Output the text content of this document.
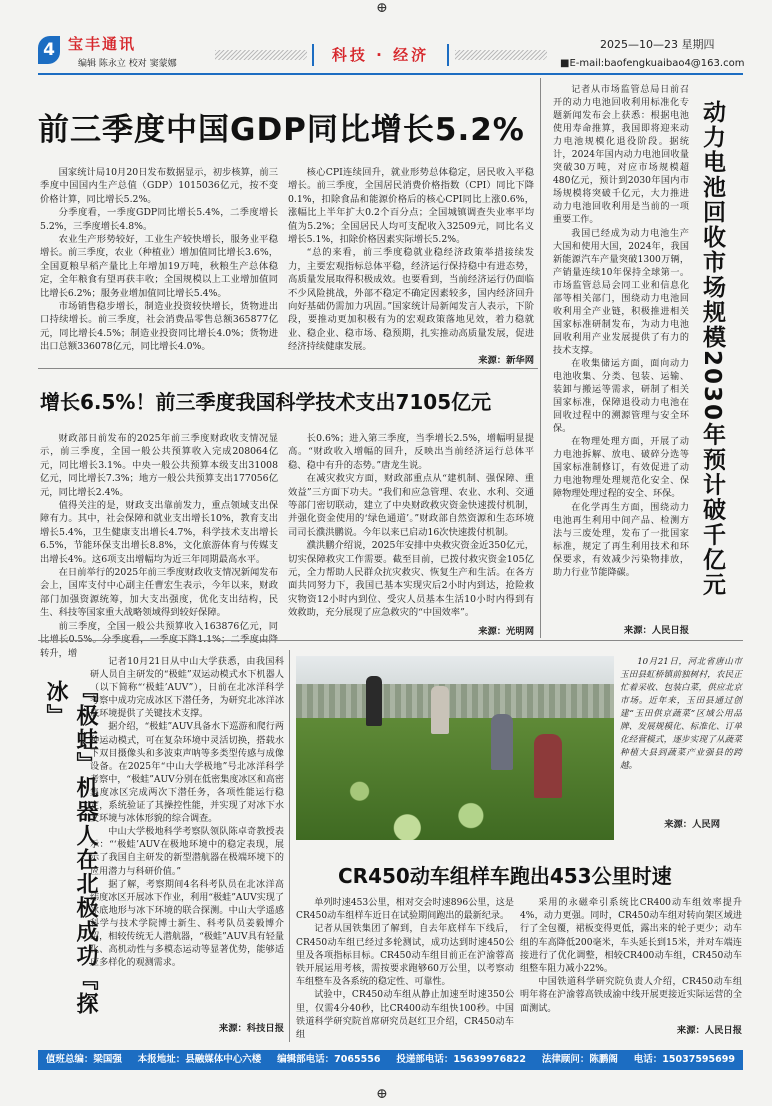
⊕
⊕
4 宝丰通讯
编辑 陈永立 校对 窦蒙娜	科技 · 经济
2025—10—23 星期四
■E-mail:baofengkuaibao4@163.com
前三季度中国GDP同比增长5.2%

国家统计局10月20日发布数据显示，初步核算，前三季度中国国内生产总值（GDP）1015036亿元，按不变价格计算，同比增长5.2%。

分季度看，一季度GDP同比增长5.4%，二季度增长5.2%，三季度增长4.8%。

农业生产形势较好，工业生产较快增长，服务业平稳增长。前三季度，农业（种植业）增加值同比增长3.6%，全国夏粮早稻产量比上年增加19万吨，秋粮生产总体稳定，全年粮食有望再获丰收；全国规模以上工业增加值同比增长6.2%；服务业增加值同比增长5.4%。

市场销售稳步增长，制造业投资较快增长，货物进出口持续增长。前三季度，社会消费品零售总额365877亿元，同比增长4.5%；制造业投资同比增长4.0%；货物进出口总额336078亿元，同比增长4.0%。

核心CPI连续回升，就业形势总体稳定，居民收入平稳增长。前三季度，全国居民消费价格指数（CPI）同比下降0.1%，扣除食品和能源价格后的核心CPI同比上涨0.6%，涨幅比上半年扩大0.2个百分点；全国城镇调查失业率平均值为5.2%；全国居民人均可支配收入32509元，同比名义增长5.1%，扣除价格因素实际增长5.2%。

“总的来看，前三季度稳就业稳经济政策举措接续发力，主要宏观指标总体平稳，经济运行保持稳中有进态势，高质量发展取得积极成效。也要看到，当前经济运行仍面临不少风险挑战，外部不稳定不确定因素较多，国内经济回升向好基础仍需加力巩固。”国家统计局新闻发言人表示，下阶段，要推动更加积极有为的宏观政策落地见效，着力稳就业、稳企业、稳市场、稳预期，扎实推动高质量发展，促进经济持续健康发展。

来源：新华网
增长6.5%！前三季度我国科学技术支出7105亿元

财政部日前发布的2025年前三季度财政收支情况显示，前三季度，全国一般公共预算收入完成208064亿元，同比增长3.1%。中央一般公共预算本级支出31008亿元，同比增长7.3%；地方一般公共预算支出177056亿元，同比增长2.4%。

值得关注的是，财政支出靠前发力，重点领域支出保障有力。其中，社会保障和就业支出增长10%，教育支出增长5.4%，卫生健康支出增长4.7%，科学技术支出增长6.5%，节能环保支出增长8.8%，文化旅游体育与传媒支出增长4%。这6项支出增幅均为近三年同期最高水平。

在日前举行的2025年前三季度财政收支情况新闻发布会上，国库支付中心副主任曹宏生表示，今年以来，财政部门加强资源统筹，加大支出强度，优化支出结构，民生、科技等国家重大战略领域得到较好保障。

前三季度，全国一般公共预算收入163876亿元，同 转升，增

长0.6%；进入第三季度，当季增长2.5%，增幅明显提高。“财政收入增幅的回升，反映出当前经济运行总体平稳、稳中有升的态势。”唐龙生说。

在减灾救灾方面，财政部重点从“建机制、强保障、重效益”三方面下功夫。“我们和应急管理、农业、水利、交通等部门密切联动，建立了中央财政救灾资金快速拨付机制，并强化资金使用的‘绿色通道’。”财政部自然资源和生态环境司司长濮洪鹏说。今年以来已启动16次快速拨付机制。

濮洪鹏介绍说，2025年安排中央救灾资金近350亿元，切实保障救灾工作需要。截至目前，已拨付救灾资金105亿元，全力帮助人民群众抗灾救灾、恢复生产和生活。在各方面共同努力下，我国已基本实现灾后2小时内到达，抢险救灾物资12小时内到位、受灾人员基本生活10小时内得到有效救助，充分展现了应急救灾的“中国效率”。

来源：光明网

记者从市场监管总局日前召开的动力电池回收利用标准化专题新闻发布会上获悉：根据电池使用寿命推算，我国即将迎来动力电池规模化退役阶段。据统计，2024年国内动力电池回收量突破30万吨，对应市场规模超480亿元，预计到2030年国内市场规模将突破千亿元，大力推进动力电池回收利用是当前的一项重要工作。

我国已经成为动力电池生产大国和使用大国，2024年，我国新能源汽车产量突破1300万辆，产销量连续10年保持全球第一。市场监管总局会同工业和信息化部等相关部门，围绕动力电池回收利用全产业链，积极推进相关国家标准研制发布，为动力电池回收利用产业发展提供了有力的技术支撑。

在收集储运方面，面向动力电池收集、分类、包装、运输、装卸与搬运等需求，研制了相关国家标准，保障退役动力电池在回收过程中的溯源管理与安全环保。

在物理处理方面，开展了动力电池拆解、放电、破碎分选等国家标准制修订，有效促进了动力电池物理处理规范化安全、保障物理处理过程的安全、环保。

在化学再生方面，围绕动力电池再生利用中间产品、检测方法与三废处理，发布了一批国家标准，规定了再生利用技术和环保要求，有效减少污染物排放，助力行业节能降碳。

来源：人民日报
动力电池回收市场规模2030年预计破千亿元
『极蛙』机器人在北极成功『探冰』

记者10月21日从中山大学获悉，由我国科研人员自主研发的“极蛙”双运动模式水下机器人（以下简称“‘极蛙’AUV”），日前在北冰洋科学考察中成功完成冰区下潜任务，为研究北冰洋冰底环境提供了关键技术支撑。

据介绍，“极蛙”AUV具备水下巡游和爬行两种运动模式，可在复杂环境中灵活切换，搭载水下双目摄像头和多波束声呐等多类型传感与成像设备。在2025年“中山大学极地”号北冰洋科学考察中，“极蛙”AUV分别在低密集度冰区和高密集度冰区完成两次下潜任务，各项性能运行稳定，系统验证了其操控性能，并实现了对冰下水文环境与冰体形貌的综合调查。

中山大学极地科学考察队领队陈卓奇教授表示：“‘极蛙’AUV在极地环境中的稳定表现，展示了我国自主研发的新型潜航器在极端环境下的应用潜力与科研价值。”

据了解，考察期间4名科考队员在北冰洋高纬度冰区开展冰下作业，利用“极蛙”AUV实现了冰底地形与冰下环境的联合探测。中山大学遥感科学与技术学院博士新生、科考队员姜毅博介绍，相较传统无人潜航器，“极蛙”AUV具有轻量化、高机动性与多模态运动等显著优势，能够适应多样化的观测需求。

来源：科技日报
10月21日，河北省唐山市玉田县虹桥镇前独树村，农民正忙着采收、包装白菜，供应北京市场。近年来，玉田县通过创建“玉田供京蔬菜”区域公用品牌、发展规模化、标准化、订单化经营模式，逐步实现了从蔬菜种植大县到蔬菜产业强县的跨越。
来源：人民网
CR450动车组样车跑出453公里时速

单列时速453公里，相对交会时速896公里，这是CR450动车组样车近日在试验期间跑出的最新纪录。

记者从国铁集团了解到，自去年底样车下线后，CR450动车组已经过多轮测试，成功达到时速450公里及各项指标目标。CR450动车组目前正在沪渝蓉高铁开展运用考核，需按要求跑够60万公里，以考察动车组整车及各系统的稳定性、可靠性。

试验中，CR450动车组从静止加速至时速350公里，仅需4分40秒，比CR400动车组快100秒。中国铁道科学研究院首席研究员赵红卫介绍，CR450动车组

采用的永磁牵引系统比CR400动车组效率提升4%，动力更强。同时，CR450动车组对转向架区域进行了全包覆，裙板变得更低，露出来的轮子更少；动车组的车高降低200毫米，车头延长到15米，并对车端连接进行了优化调整，相较CR400动车组，CR450动车组整车阻力减小22%。

中国铁道科学研究院负责人介绍，CR450动车组明年将在沪渝蓉高铁成渝中线开展更接近实际运营的全面测试。

来源：人民日报
值班总编：梁国强 本报地址：县融媒体中心六楼 编辑部电话：7065556 投递部电话：15639976822 法律顾问：陈鹏阁 电话：15037595699
